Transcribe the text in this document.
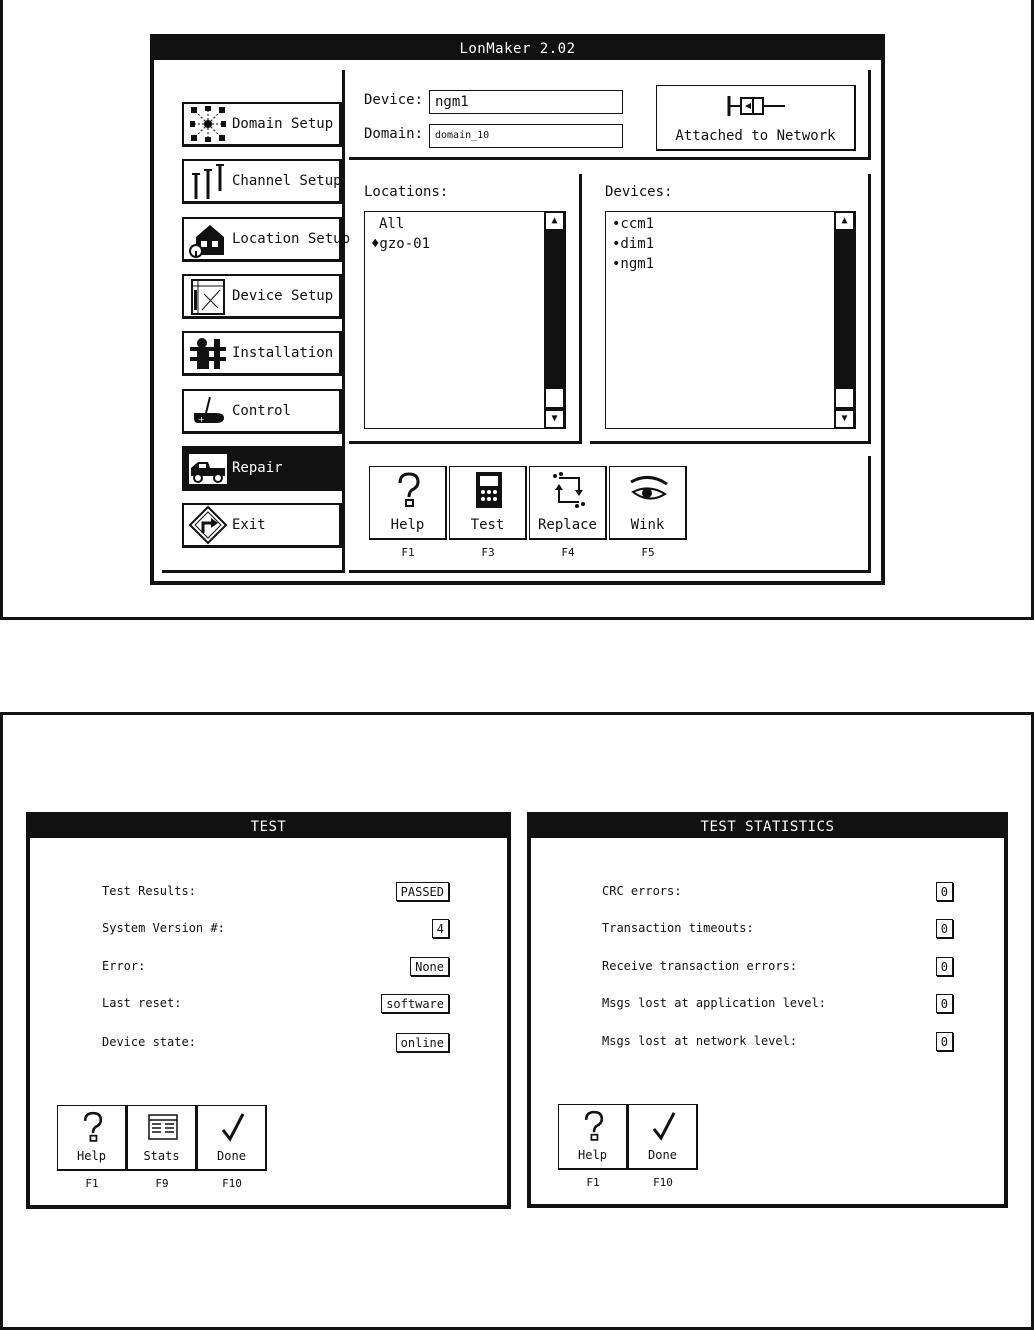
LonMaker 2.02
Domain Setup
Channel Setup
Location Setup
Device Setup
Installation
+
Control
Repair
Exit
Device: ngm1
Domain:	domain_10	Attached to Network
Locations:
All
♦gzo-01
▲
▼
Devices:
•ccm1
•dim1
•ngm1
▲
▼
Help
F1
Test
F3
Replace
F4
Wink
F5
TEST
Test Results:	PASSED
System Version #:	4
Error:	None
Last reset:	software
Device state:	online
Help
F1
Stats
F9
Done
F10
TEST STATISTICS
CRC errors:	0
Transaction timeouts:	0
Receive transaction errors:	0
Msgs lost at application level:	0
Msgs lost at network level:	0
Help
F1
Done
F10
